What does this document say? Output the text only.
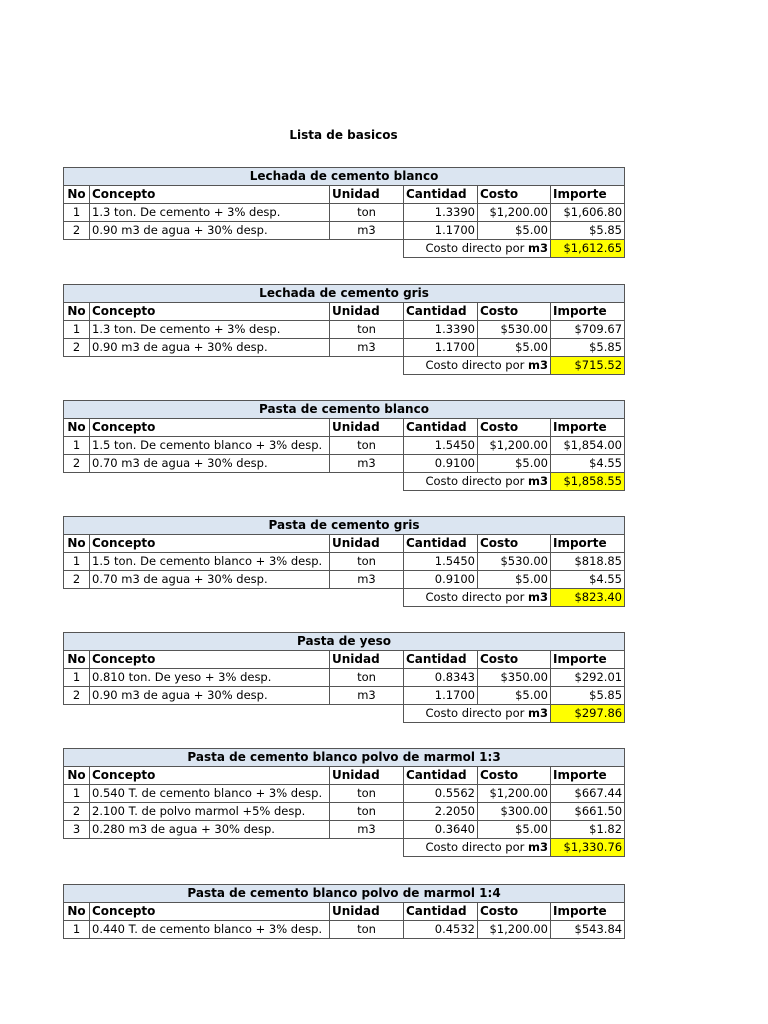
Lista de basicos
Lechada de cemento blanco					
No	Concepto	Unidad	Cantidad	Costo	Importe
1	1.3 ton. De cemento + 3% desp.	ton	1.3390	$1,200.00	$1,606.80
2	0.90 m3 de agua + 30% desp.	m3	1.1700	$5.00	$5.85
			Costo directo por m3		$1,612.65
Lechada de cemento gris					
No	Concepto	Unidad	Cantidad	Costo	Importe
1	1.3 ton. De cemento + 3% desp.	ton	1.3390	$530.00	$709.67
2	0.90 m3 de agua + 30% desp.	m3	1.1700	$5.00	$5.85
			Costo directo por m3		$715.52
Pasta de cemento blanco					
No	Concepto	Unidad	Cantidad	Costo	Importe
1	1.5 ton. De cemento blanco + 3% desp.	ton	1.5450	$1,200.00	$1,854.00
2	0.70 m3 de agua + 30% desp.	m3	0.9100	$5.00	$4.55
			Costo directo por m3		$1,858.55
Pasta de cemento gris					
No	Concepto	Unidad	Cantidad	Costo	Importe
1	1.5 ton. De cemento blanco + 3% desp.	ton	1.5450	$530.00	$818.85
2	0.70 m3 de agua + 30% desp.	m3	0.9100	$5.00	$4.55
			Costo directo por m3		$823.40
Pasta de yeso					
No	Concepto	Unidad	Cantidad	Costo	Importe
1	0.810 ton. De yeso + 3% desp.	ton	0.8343	$350.00	$292.01
2	0.90 m3 de agua + 30% desp.	m3	1.1700	$5.00	$5.85
			Costo directo por m3		$297.86
Pasta de cemento blanco polvo de marmol 1:3					
No	Concepto	Unidad	Cantidad	Costo	Importe
1	0.540 T. de cemento blanco + 3% desp.	ton	0.5562	$1,200.00	$667.44
2	2.100 T. de polvo marmol +5% desp.	ton	2.2050	$300.00	$661.50
3	0.280 m3 de agua + 30% desp.	m3	0.3640	$5.00	$1.82
			Costo directo por m3		$1,330.76
Pasta de cemento blanco polvo de marmol 1:4					
No	Concepto	Unidad	Cantidad	Costo	Importe
1	0.440 T. de cemento blanco + 3% desp.	ton	0.4532	$1,200.00	$543.84
